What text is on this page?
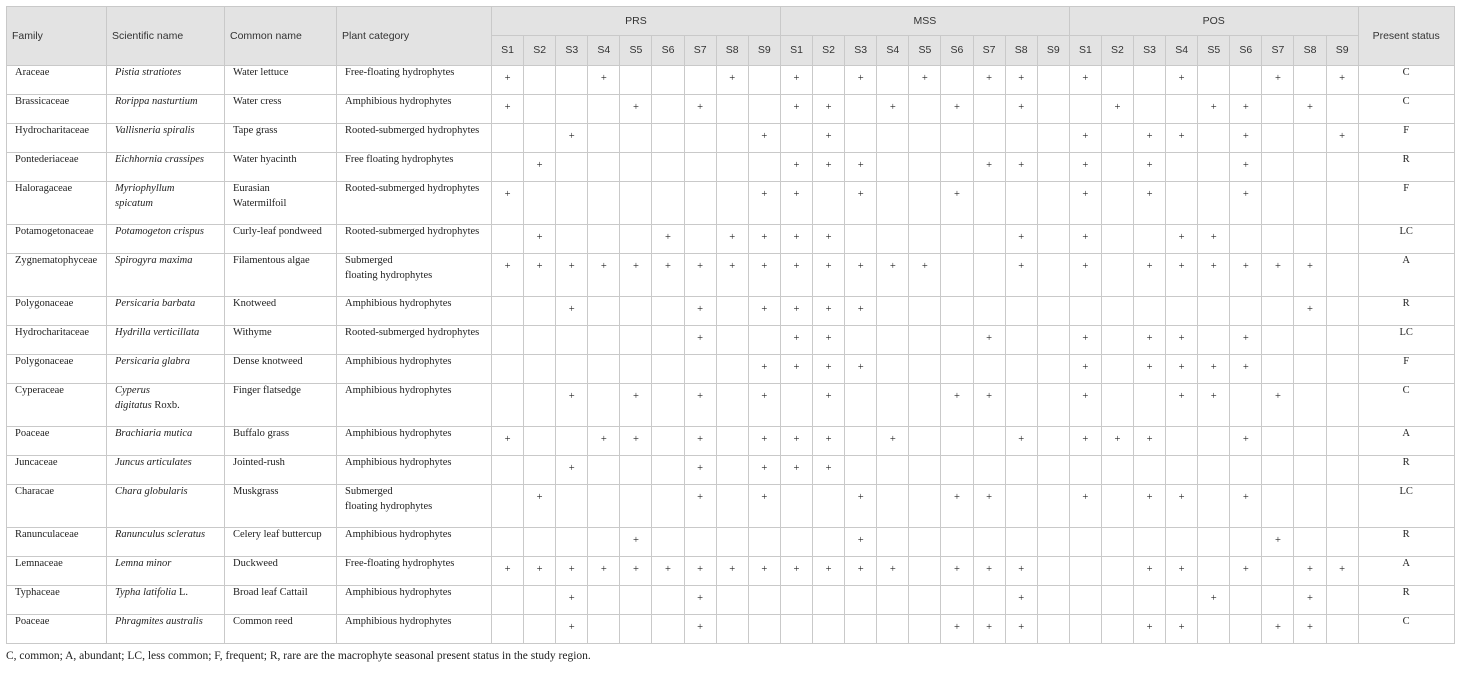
Family	Scientific name	Common name	Plant category	PRS									MSS									POS									Present status
				S1	S2	S3	S4	S5	S6	S7	S8	S9	S1	S2	S3	S4	S5	S6	S7	S8	S9	S1	S2	S3	S4	S5	S6	S7	S8	S9	
Araceae	Pistia stratiotes	Water lettuce	Free-floating hydrophytes	+			+				+		+		+		+		+	+		+			+			+		+	C
Brassicaceae	Rorippa nasturtium	Water cress	Amphibious hydrophytes	+				+		+			+	+		+		+		+			+			+	+		+		C
Hydrocharitaceae	Vallisneria spiralis	Tape grass	Rooted-submerged hydrophytes			+						+		+								+		+	+		+			+	F
Pontederiaceae	Eichhornia crassipes	Water hyacinth	Free floating hydrophytes		+								+	+	+				+	+		+		+			+				R
Haloragaceae	Myriophyllum
spicatum	Eurasian
Watermilfoil	Rooted-submerged hydrophytes	+								+	+		+			+				+		+			+				F
Potamogetonaceae	Potamogeton crispus	Curly-leaf pondweed	Rooted-submerged hydrophytes		+				+		+	+	+	+						+		+			+	+					LC
Zygnematophyceae	Spirogyra maxima	Filamentous algae	Submerged
floating hydrophytes	+	+	+	+	+	+	+	+	+	+	+	+	+	+			+		+		+	+	+	+	+	+		A
Polygonaceae	Persicaria barbata	Knotweed	Amphibious hydrophytes			+				+		+	+	+	+														+		R
Hydrocharitaceae	Hydrilla verticillata	Withyme	Rooted-submerged hydrophytes							+			+	+					+			+		+	+		+				LC
Polygonaceae	Persicaria glabra	Dense knotweed	Amphibious hydrophytes									+	+	+	+							+		+	+	+	+				F
Cyperaceae	Cyperus
digitatus Roxb.	Finger flatsedge	Amphibious hydrophytes			+		+		+		+		+				+	+			+			+	+		+			C
Poaceae	Brachiaria mutica	Buffalo grass	Amphibious hydrophytes	+			+	+		+		+	+	+		+				+		+	+	+			+				A
Juncaceae	Juncus articulates	Jointed-rush	Amphibious hydrophytes			+				+		+	+	+																	R
Characae	Chara globularis	Muskgrass	Submerged
floating hydrophytes		+					+		+			+			+	+			+		+	+		+				LC
Ranunculaceae	Ranunculus scleratus	Celery leaf buttercup	Amphibious hydrophytes					+							+													+			R
Lemnaceae	Lemna minor	Duckweed	Free-floating hydrophytes	+	+	+	+	+	+	+	+	+	+	+	+	+		+	+	+				+	+		+		+	+	A
Typhaceae	Typha latifolia L.	Broad leaf Cattail	Amphibious hydrophytes			+				+										+						+			+		R
Poaceae	Phragmites australis	Common reed	Amphibious hydrophytes			+				+								+	+	+				+	+			+	+		C
C, common; A, abundant; LC, less common; F, frequent; R, rare are the macrophyte seasonal present status in the study region.
